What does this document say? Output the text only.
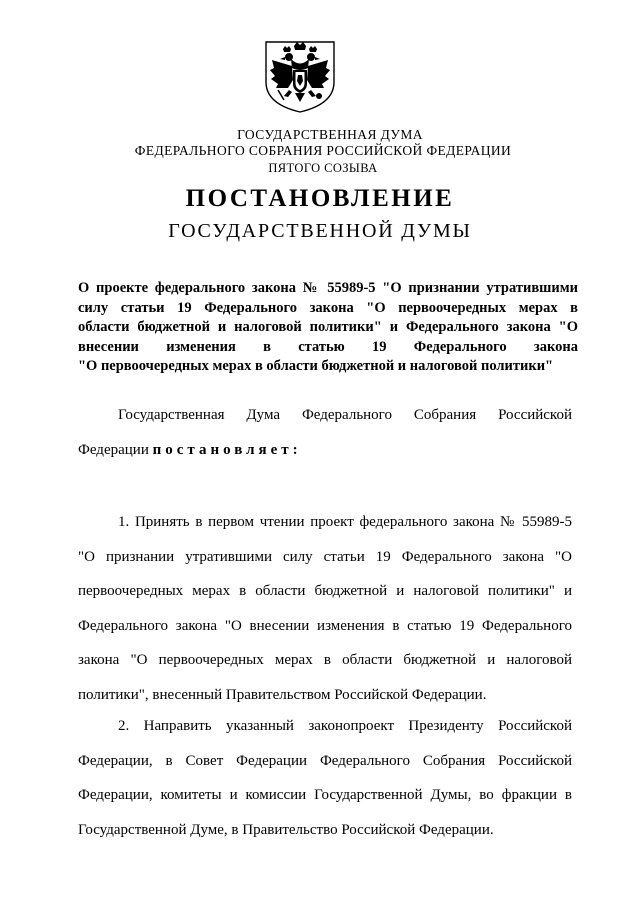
ГОСУДАРСТВЕННАЯ ДУМА
ФЕДЕРАЛЬНОГО СОБРАНИЯ РОССИЙСКОЙ ФЕДЕРАЦИИ
ПЯТОГО СОЗЫВА
ПОСТАНОВЛЕНИЕ
ГОСУДАРСТВЕННОЙ ДУМЫ
О проекте федерального закона № 55989-5 "О признании утратившими
силу статьи 19 Федерального закона "О первоочередных мерах в
области бюджетной и налоговой политики" и Федерального закона "О
внесении изменения в статью 19 Федерального закона
"О первоочередных мерах в области бюджетной и налоговой политики"
Государственная Дума Федерального Собрания Российской
Федерации постановляет:
1. Принять в первом чтении проект федерального закона № 55989-5
"О признании утратившими силу статьи 19 Федерального закона "О
первоочередных мерах в области бюджетной и налоговой политики" и
Федерального закона "О внесении изменения в статью 19 Федерального
закона "О первоочередных мерах в области бюджетной и налоговой
политики", внесенный Правительством Российской Федерации.
2. Направить указанный законопроект Президенту Российской
Федерации, в Совет Федерации Федерального Собрания Российской
Федерации, комитеты и комиссии Государственной Думы, во фракции в
Государственной Думе, в Правительство Российской Федерации.
